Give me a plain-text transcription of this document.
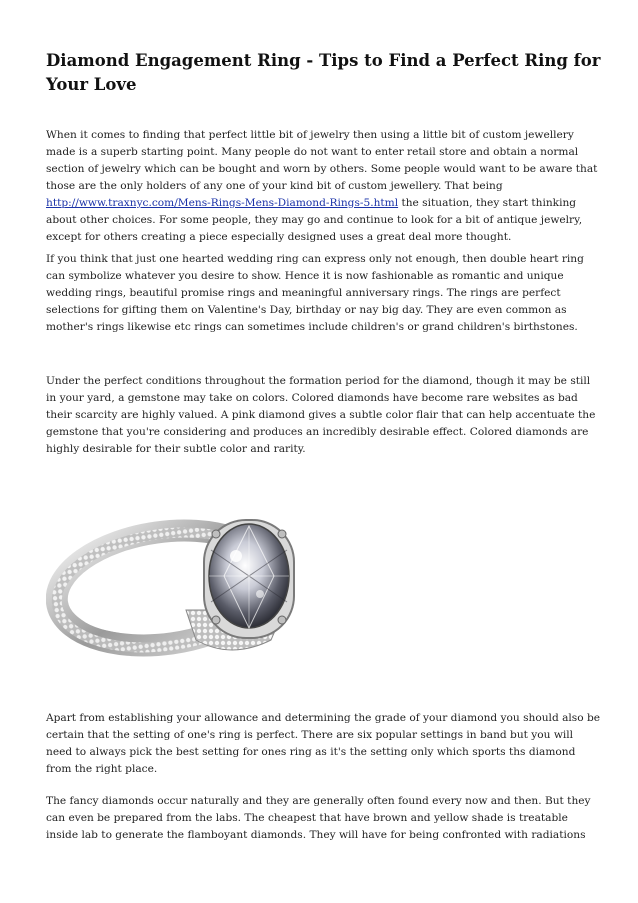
Diamond Engagement Ring - Tips to Find a Perfect Ring for Your Love

When it comes to finding that perfect little bit of jewelry then using a little bit of custom jewellery made is a superb starting point. Many people do not want to enter retail store and obtain a normal section of jewelry which can be bought and worn by others. Some people would want to be aware that those are the only holders of any one of your kind bit of custom jewellery. That being http://www.traxnyc.com/Mens-Rings-Mens-Diamond-Rings-5.html the situation, they start thinking about other choices. For some people, they may go and continue to look for a bit of antique jewelry, except for others creating a piece especially designed uses a great deal more thought.

If you think that just one hearted wedding ring can express only not enough, then double heart ring can symbolize whatever you desire to show. Hence it is now fashionable as romantic and unique wedding rings, beautiful promise rings and meaningful anniversary rings. The rings are perfect selections for gifting them on Valentine's Day, birthday or nay big day. They are even common as mother's rings likewise etc rings can sometimes include children's or grand children's birthstones.

Under the perfect conditions throughout the formation period for the diamond, though it may be still in your yard, a gemstone may take on colors. Colored diamonds have become rare websites as bad their scarcity are highly valued. A pink diamond gives a subtle color flair that can help accentuate the gemstone that you're considering and produces an incredibly desirable effect. Colored diamonds are highly desirable for their subtle color and rarity.

Apart from establishing your allowance and determining the grade of your diamond you should also be certain that the setting of one's ring is perfect. There are six popular settings in band but you will need to always pick the best setting for ones ring as it's the setting only which sports ths diamond from the right place.

The fancy diamonds occur naturally and they are generally often found every now and then. But they can even be prepared from the labs. The cheapest that have brown and yellow shade is treatable inside lab to generate the flamboyant diamonds. They will have for being confronted with radiations
